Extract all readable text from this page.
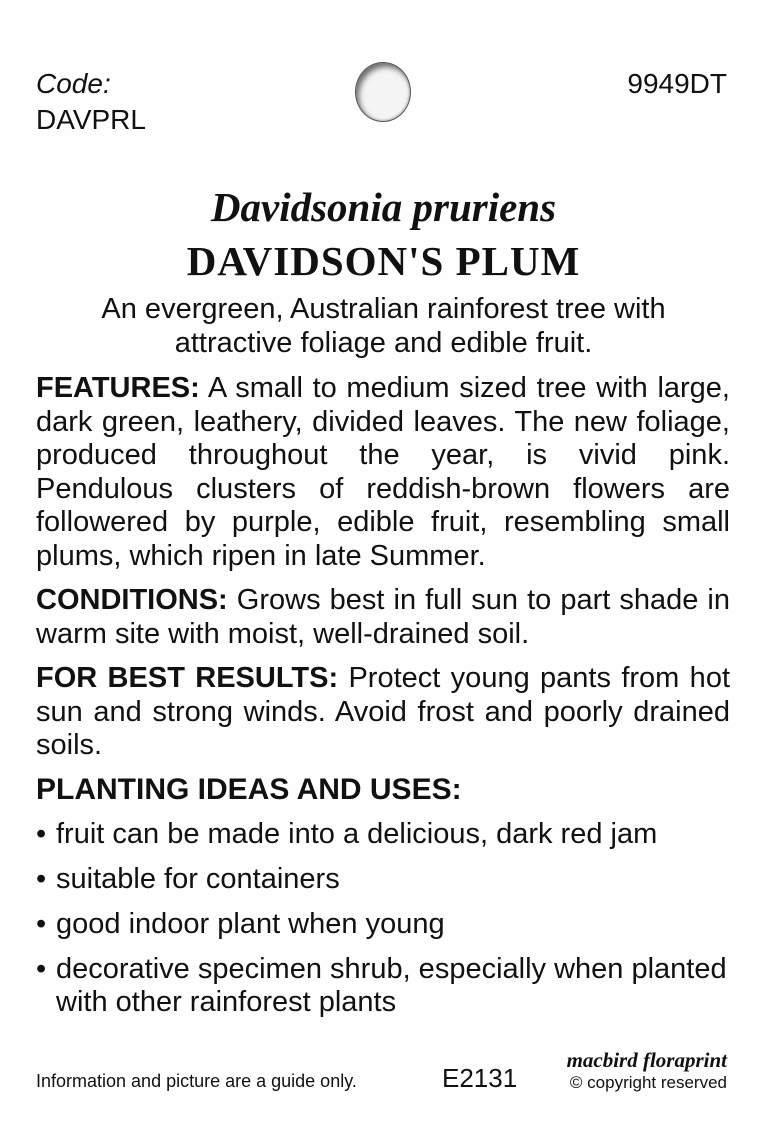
Code:
DAVPRL
9949DT
Davidsonia pruriens
DAVIDSON'S PLUM
An evergreen, Australian rainforest tree with attractive foliage and edible fruit.
FEATURES: A small to medium sized tree with large, dark green, leathery, divided leaves. The new foliage, produced throughout the year, is vivid pink. Pendulous clusters of reddish-brown flowers are followered by purple, edible fruit, resembling small plums, which ripen in late Summer.
CONDITIONS: Grows best in full sun to part shade in warm site with moist, well-drained soil.
FOR BEST RESULTS: Protect young pants from hot sun and strong winds. Avoid frost and poorly drained soils.
PLANTING IDEAS AND USES:
• fruit can be made into a delicious, dark red jam
• suitable for containers
• good indoor plant when young
• decorative specimen shrub, especially when planted with other rainforest plants
Information and picture are a guide only.	E2131
macbird floraprint
© copyright reserved
